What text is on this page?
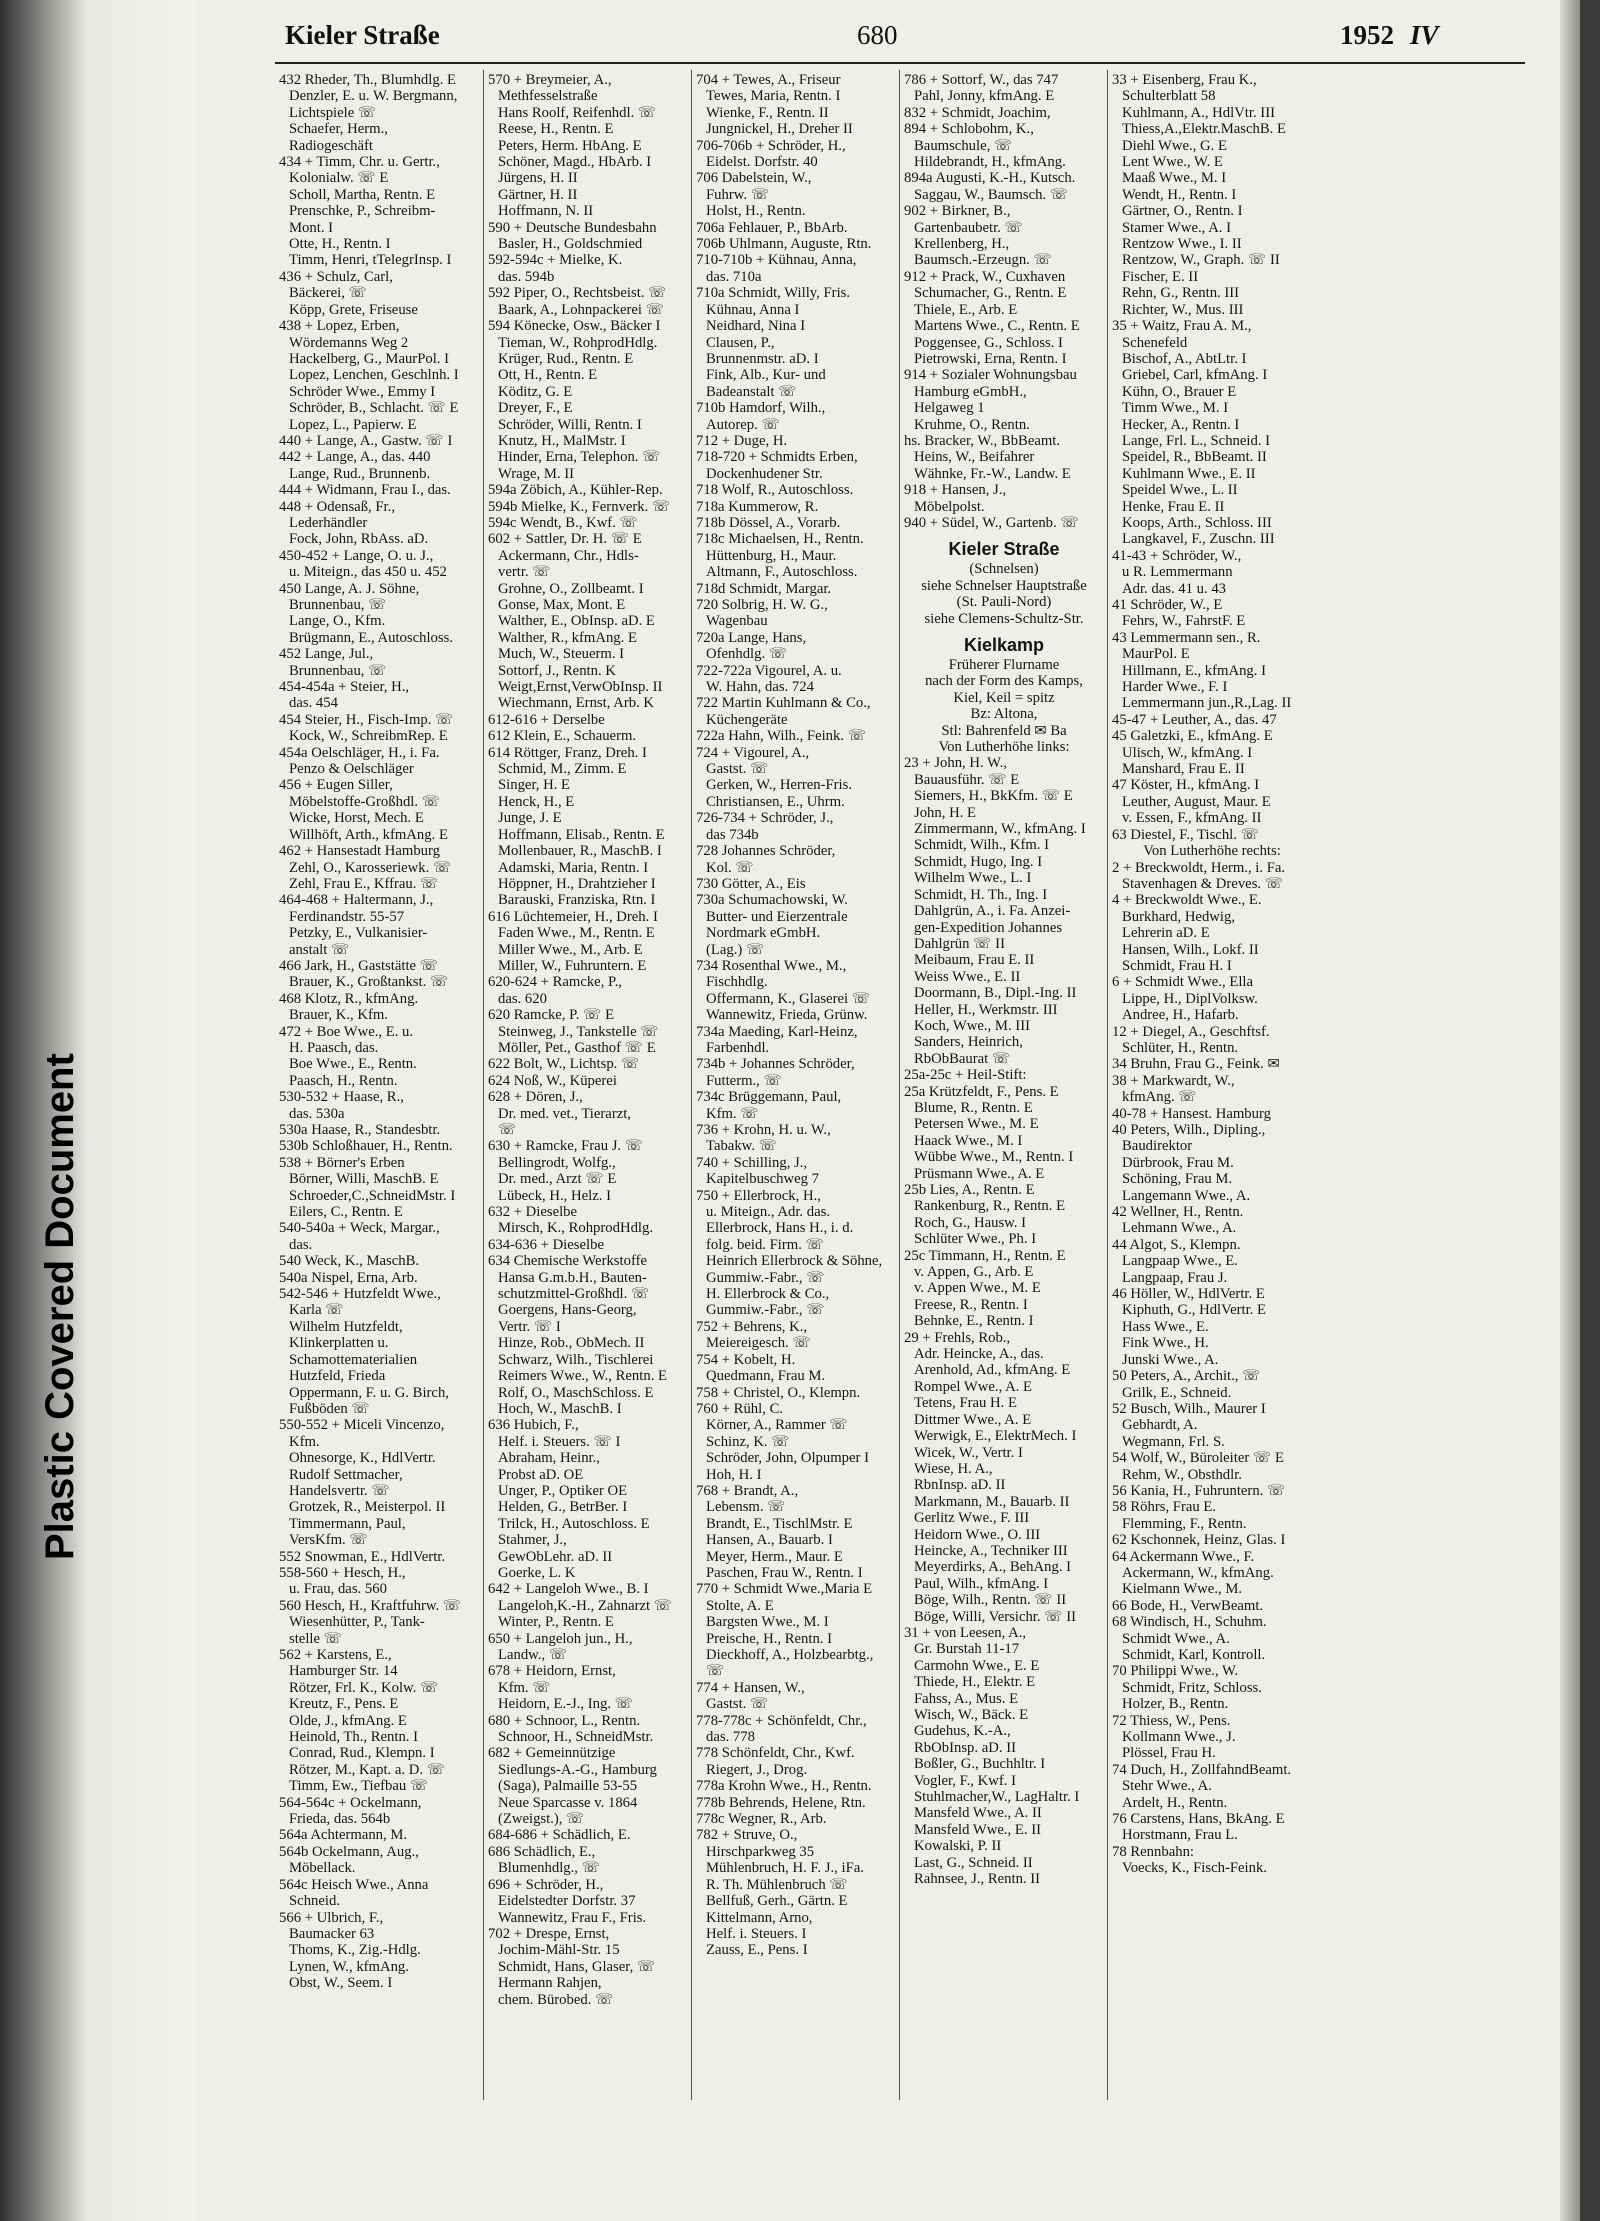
Plastic Covered Document
Kieler Straße	680	1952 IV
432 Rheder, Th., Blumhdlg. E
Denzler, E. u. W. Bergmann,
Lichtspiele ☏
Schaefer, Herm.,
Radiogeschäft
434 + Timm, Chr. u. Gertr.,
Kolonialw. ☏ E
Scholl, Martha, Rentn. E
Prenschke, P., Schreibm-
Mont. I
Otte, H., Rentn. I
Timm, Henri, tTelegrInsp. I
436 + Schulz, Carl,
Bäckerei, ☏
Köpp, Grete, Friseuse
438 + Lopez, Erben,
Wördemanns Weg 2
Hackelberg, G., MaurPol. I
Lopez, Lenchen, Geschlnh. I
Schröder Wwe., Emmy I
Schröder, B., Schlacht. ☏ E
Lopez, L., Papierw. E
440 + Lange, A., Gastw. ☏ I
442 + Lange, A., das. 440
Lange, Rud., Brunnenb.
444 + Widmann, Frau I., das.
448 + Odensaß, Fr.,
Lederhändler
Fock, John, RbAss. aD.
450-452 + Lange, O. u. J.,
u. Miteign., das 450 u. 452
450 Lange, A. J. Söhne,
Brunnenbau, ☏
Lange, O., Kfm.
Brügmann, E., Autoschloss.
452 Lange, Jul.,
Brunnenbau, ☏
454-454a + Steier, H.,
das. 454
454 Steier, H., Fisch-Imp. ☏
Kock, W., SchreibmRep. E
454a Oelschläger, H., i. Fa.
Penzo & Oelschläger
456 + Eugen Siller,
Möbelstoffe-Großhdl. ☏
Wicke, Horst, Mech. E
Willhöft, Arth., kfmAng. E
462 + Hansestadt Hamburg
Zehl, O., Karosseriewk. ☏
Zehl, Frau E., Kffrau. ☏
464-468 + Haltermann, J.,
Ferdinandstr. 55-57
Petzky, E., Vulkanisier-
anstalt ☏
466 Jark, H., Gaststätte ☏
Brauer, K., Großtankst. ☏
468 Klotz, R., kfmAng.
Brauer, K., Kfm.
472 + Boe Wwe., E. u.
H. Paasch, das.
Boe Wwe., E., Rentn.
Paasch, H., Rentn.
530-532 + Haase, R.,
das. 530a
530a Haase, R., Standesbtr.
530b Schloßhauer, H., Rentn.
538 + Börner's Erben
Börner, Willi, MaschB. E
Schroeder,C.,SchneidMstr. I
Eilers, C., Rentn. E
540-540a + Weck, Margar.,
das.
540 Weck, K., MaschB.
540a Nispel, Erna, Arb.
542-546 + Hutzfeldt Wwe.,
Karla ☏
Wilhelm Hutzfeldt,
Klinkerplatten u.
Schamottematerialien
Hutzfeld, Frieda
Oppermann, F. u. G. Birch,
Fußböden ☏
550-552 + Miceli Vincenzo,
Kfm.
Ohnesorge, K., HdlVertr.
Rudolf Settmacher,
Handelsvertr. ☏
Grotzek, R., Meisterpol. II
Timmermann, Paul,
VersKfm. ☏
552 Snowman, E., HdlVertr.
558-560 + Hesch, H.,
u. Frau, das. 560
560 Hesch, H., Kraftfuhrw. ☏
Wiesenhütter, P., Tank-
stelle ☏
562 + Karstens, E.,
Hamburger Str. 14
Rötzer, Frl. K., Kolw. ☏
Kreutz, F., Pens. E
Olde, J., kfmAng. E
Heinold, Th., Rentn. I
Conrad, Rud., Klempn. I
Rötzer, M., Kapt. a. D. ☏
Timm, Ew., Tiefbau ☏
564-564c + Ockelmann,
Frieda, das. 564b
564a Achtermann, M.
564b Ockelmann, Aug.,
Möbellack.
564c Heisch Wwe., Anna
Schneid.
566 + Ulbrich, F.,
Baumacker 63
Thoms, K., Zig.-Hdlg.
Lynen, W., kfmAng.
Obst, W., Seem. I
570 + Breymeier, A.,
Methfesselstraße
Hans Roolf, Reifenhdl. ☏
Reese, H., Rentn. E
Peters, Herm. HbAng. E
Schöner, Magd., HbArb. I
Jürgens, H. II
Gärtner, H. II
Hoffmann, N. II
590 + Deutsche Bundesbahn
Basler, H., Goldschmied
592-594c + Mielke, K.
das. 594b
592 Piper, O., Rechtsbeist. ☏
Baark, A., Lohnpackerei ☏
594 Könecke, Osw., Bäcker I
Tieman, W., RohprodHdlg.
Krüger, Rud., Rentn. E
Ott, H., Rentn. E
Köditz, G. E
Dreyer, F., E
Schröder, Willi, Rentn. I
Knutz, H., MalMstr. I
Hinder, Erna, Telephon. ☏
Wrage, M. II
594a Zöbich, A., Kühler-Rep.
594b Mielke, K., Fernverk. ☏
594c Wendt, B., Kwf. ☏
602 + Sattler, Dr. H. ☏ E
Ackermann, Chr., Hdls-
vertr. ☏
Grohne, O., Zollbeamt. I
Gonse, Max, Mont. E
Walther, E., ObInsp. aD. E
Walther, R., kfmAng. E
Much, W., Steuerm. I
Sottorf, J., Rentn. K
Weigt,Ernst,VerwObInsp. II
Wiechmann, Ernst, Arb. K
612-616 + Derselbe
612 Klein, E., Schauerm.
614 Röttger, Franz, Dreh. I
Schmid, M., Zimm. E
Singer, H. E
Henck, H., E
Junge, J. E
Hoffmann, Elisab., Rentn. E
Mollenbauer, R., MaschB. I
Adamski, Maria, Rentn. I
Höppner, H., Drahtzieher I
Barauski, Franziska, Rtn. I
616 Lüchtemeier, H., Dreh. I
Faden Wwe., M., Rentn. E
Miller Wwe., M., Arb. E
Miller, W., Fuhruntern. E
620-624 + Ramcke, P.,
das. 620
620 Ramcke, P. ☏ E
Steinweg, J., Tankstelle ☏
Möller, Pet., Gasthof ☏ E
622 Bolt, W., Lichtsp. ☏
624 Noß, W., Küperei
628 + Dören, J.,
Dr. med. vet., Tierarzt,
☏
630 + Ramcke, Frau J. ☏
Bellingrodt, Wolfg.,
Dr. med., Arzt ☏ E
Lübeck, H., Helz. I
632 + Dieselbe
Mirsch, K., RohprodHdlg.
634-636 + Dieselbe
634 Chemische Werkstoffe
Hansa G.m.b.H., Bauten-
schutzmittel-Großhdl. ☏
Goergens, Hans-Georg,
Vertr. ☏ I
Hinze, Rob., ObMech. II
Schwarz, Wilh., Tischlerei
Reimers Wwe., W., Rentn. E
Rolf, O., MaschSchloss. E
Hoch, W., MaschB. I
636 Hubich, F.,
Helf. i. Steuers. ☏ I
Abraham, Heinr.,
Probst aD. OE
Unger, P., Optiker OE
Helden, G., BetrBer. I
Trilck, H., Autoschloss. E
Stahmer, J.,
GewObLehr. aD. II
Goerke, L. K
642 + Langeloh Wwe., B. I
Langeloh,K.-H., Zahnarzt ☏
Winter, P., Rentn. E
650 + Langeloh jun., H.,
Landw., ☏
678 + Heidorn, Ernst,
Kfm. ☏
Heidorn, E.-J., Ing. ☏
680 + Schnoor, L., Rentn.
Schnoor, H., SchneidMstr.
682 + Gemeinnützige
Siedlungs-A.-G., Hamburg
(Saga), Palmaille 53-55
Neue Sparcasse v. 1864
(Zweigst.), ☏
684-686 + Schädlich, E.
686 Schädlich, E.,
Blumenhdlg., ☏
696 + Schröder, H.,
Eidelstedter Dorfstr. 37
Wannewitz, Frau F., Fris.
702 + Drespe, Ernst,
Jochim-Mähl-Str. 15
Schmidt, Hans, Glaser, ☏
Hermann Rahjen,
chem. Bürobed. ☏
704 + Tewes, A., Friseur
Tewes, Maria, Rentn. I
Wienke, F., Rentn. II
Jungnickel, H., Dreher II
706-706b + Schröder, H.,
Eidelst. Dorfstr. 40
706 Dabelstein, W.,
Fuhrw. ☏
Holst, H., Rentn.
706a Fehlauer, P., BbArb.
706b Uhlmann, Auguste, Rtn.
710-710b + Kühnau, Anna,
das. 710a
710a Schmidt, Willy, Fris.
Kühnau, Anna I
Neidhard, Nina I
Clausen, P.,
Brunnenmstr. aD. I
Fink, Alb., Kur- und
Badeanstalt ☏
710b Hamdorf, Wilh.,
Autorep. ☏
712 + Duge, H.
718-720 + Schmidts Erben,
Dockenhudener Str.
718 Wolf, R., Autoschloss.
718a Kummerow, R.
718b Dössel, A., Vorarb.
718c Michaelsen, H., Rentn.
Hüttenburg, H., Maur.
Altmann, F., Autoschloss.
718d Schmidt, Margar.
720 Solbrig, H. W. G.,
Wagenbau
720a Lange, Hans,
Ofenhdlg. ☏
722-722a Vigourel, A. u.
W. Hahn, das. 724
722 Martin Kuhlmann & Co.,
Küchengeräte
722a Hahn, Wilh., Feink. ☏
724 + Vigourel, A.,
Gastst. ☏
Gerken, W., Herren-Fris.
Christiansen, E., Uhrm.
726-734 + Schröder, J.,
das 734b
728 Johannes Schröder,
Kol. ☏
730 Götter, A., Eis
730a Schumachowski, W.
Butter- und Eierzentrale
Nordmark eGmbH.
(Lag.) ☏
734 Rosenthal Wwe., M.,
Fischhdlg.
Offermann, K., Glaserei ☏
Wannewitz, Frieda, Grünw.
734a Maeding, Karl-Heinz,
Farbenhdl.
734b + Johannes Schröder,
Futterm., ☏
734c Brüggemann, Paul,
Kfm. ☏
736 + Krohn, H. u. W.,
Tabakw. ☏
740 + Schilling, J.,
Kapitelbuschweg 7
750 + Ellerbrock, H.,
u. Miteign., Adr. das.
Ellerbrock, Hans H., i. d.
folg. beid. Firm. ☏
Heinrich Ellerbrock & Söhne,
Gummiw.-Fabr., ☏
H. Ellerbrock & Co.,
Gummiw.-Fabr., ☏
752 + Behrens, K.,
Meiereigesch. ☏
754 + Kobelt, H.
Quedmann, Frau M.
758 + Christel, O., Klempn.
760 + Rühl, C.
Körner, A., Rammer ☏
Schinz, K. ☏
Schröder, John, Olpumper I
Hoh, H. I
768 + Brandt, A.,
Lebensm. ☏
Brandt, E., TischlMstr. E
Hansen, A., Bauarb. I
Meyer, Herm., Maur. E
Paschen, Frau W., Rentn. I
770 + Schmidt Wwe.,Maria E
Stolte, A. E
Bargsten Wwe., M. I
Preische, H., Rentn. I
Dieckhoff, A., Holzbearbtg.,
☏
774 + Hansen, W.,
Gastst. ☏
778-778c + Schönfeldt, Chr.,
das. 778
778 Schönfeldt, Chr., Kwf.
Riegert, J., Drog.
778a Krohn Wwe., H., Rentn.
778b Behrends, Helene, Rtn.
778c Wegner, R., Arb.
782 + Struve, O.,
Hirschparkweg 35
Mühlenbruch, H. F. J., iFa.
R. Th. Mühlenbruch ☏
Bellfuß, Gerh., Gärtn. E
Kittelmann, Arno,
Helf. i. Steuers. I
Zauss, E., Pens. I
786 + Sottorf, W., das 747
Pahl, Jonny, kfmAng. E
832 + Schmidt, Joachim,
894 + Schlobohm, K.,
Baumschule, ☏
Hildebrandt, H., kfmAng.
894a Augusti, K.-H., Kutsch.
Saggau, W., Baumsch. ☏
902 + Birkner, B.,
Gartenbaubetr. ☏
Krellenberg, H.,
Baumsch.-Erzeugn. ☏
912 + Prack, W., Cuxhaven
Schumacher, G., Rentn. E
Thiele, E., Arb. E
Martens Wwe., C., Rentn. E
Poggensee, G., Schloss. I
Pietrowski, Erna, Rentn. I
914 + Sozialer Wohnungsbau
Hamburg eGmbH.,
Helgaweg 1
Kruhme, O., Rentn.
hs. Bracker, W., BbBeamt.
Heins, W., Beifahrer
Wähnke, Fr.-W., Landw. E
918 + Hansen, J.,
Möbelpolst.
940 + Südel, W., Gartenb. ☏
Kieler Straße
(Schnelsen)
siehe Schnelser Hauptstraße
(St. Pauli-Nord)
siehe Clemens-Schultz-Str.
Kielkamp
Früherer Flurname
nach der Form des Kamps,
Kiel, Keil = spitz
Bz: Altona,
Stl: Bahrenfeld ✉ Ba
Von Lutherhöhe links:
23 + John, H. W.,
Bauausführ. ☏ E
Siemers, H., BkKfm. ☏ E
John, H. E
Zimmermann, W., kfmAng. I
Schmidt, Wilh., Kfm. I
Schmidt, Hugo, Ing. I
Wilhelm Wwe., L. I
Schmidt, H. Th., Ing. I
Dahlgrün, A., i. Fa. Anzei-
gen-Expedition Johannes
Dahlgrün ☏ II
Meibaum, Frau E. II
Weiss Wwe., E. II
Doormann, B., Dipl.-Ing. II
Heller, H., Werkmstr. III
Koch, Wwe., M. III
Sanders, Heinrich,
RbObBaurat ☏
25a-25c + Heil-Stift:
25a Krützfeldt, F., Pens. E
Blume, R., Rentn. E
Petersen Wwe., M. E
Haack Wwe., M. I
Wübbe Wwe., M., Rentn. I
Prüsmann Wwe., A. E
25b Lies, A., Rentn. E
Rankenburg, R., Rentn. E
Roch, G., Hausw. I
Schlüter Wwe., Ph. I
25c Timmann, H., Rentn. E
v. Appen, G., Arb. E
v. Appen Wwe., M. E
Freese, R., Rentn. I
Behnke, E., Rentn. I
29 + Frehls, Rob.,
Adr. Heincke, A., das.
Arenhold, Ad., kfmAng. E
Rompel Wwe., A. E
Tetens, Frau H. E
Dittmer Wwe., A. E
Werwigk, E., ElektrMech. I
Wicek, W., Vertr. I
Wiese, H. A.,
RbnInsp. aD. II
Markmann, M., Bauarb. II
Gerlitz Wwe., F. III
Heidorn Wwe., O. III
Heincke, A., Techniker III
Meyerdirks, A., BehAng. I
Paul, Wilh., kfmAng. I
Böge, Wilh., Rentn. ☏ II
Böge, Willi, Versichr. ☏ II
31 + von Leesen, A.,
Gr. Burstah 11-17
Carmohn Wwe., E. E
Thiede, H., Elektr. E
Fahss, A., Mus. E
Wisch, W., Bäck. E
Gudehus, K.-A.,
RbObInsp. aD. II
Boßler, G., Buchhltr. I
Vogler, F., Kwf. I
Stuhlmacher,W., LagHaltr. I
Mansfeld Wwe., A. II
Mansfeld Wwe., E. II
Kowalski, P. II
Last, G., Schneid. II
Rahnsee, J., Rentn. II
33 + Eisenberg, Frau K.,
Schulterblatt 58
Kuhlmann, A., HdlVtr. III
Thiess,A.,Elektr.MaschB. E
Diehl Wwe., G. E
Lent Wwe., W. E
Maaß Wwe., M. I
Wendt, H., Rentn. I
Gärtner, O., Rentn. I
Stamer Wwe., A. I
Rentzow Wwe., I. II
Rentzow, W., Graph. ☏ II
Fischer, E. II
Rehn, G., Rentn. III
Richter, W., Mus. III
35 + Waitz, Frau A. M.,
Schenefeld
Bischof, A., AbtLtr. I
Griebel, Carl, kfmAng. I
Kühn, O., Brauer E
Timm Wwe., M. I
Hecker, A., Rentn. I
Lange, Frl. L., Schneid. I
Speidel, R., BbBeamt. II
Kuhlmann Wwe., E. II
Speidel Wwe., L. II
Henke, Frau E. II
Koops, Arth., Schloss. III
Langkavel, F., Zuschn. III
41-43 + Schröder, W.,
u R. Lemmermann
Adr. das. 41 u. 43
41 Schröder, W., E
Fehrs, W., FahrstF. E
43 Lemmermann sen., R.
MaurPol. E
Hillmann, E., kfmAng. I
Harder Wwe., F. I
Lemmermann jun.,R.,Lag. II
45-47 + Leuther, A., das. 47
45 Galetzki, E., kfmAng. E
Ulisch, W., kfmAng. I
Manshard, Frau E. II
47 Köster, H., kfmAng. I
Leuther, August, Maur. E
v. Essen, F., kfmAng. II
63 Diestel, F., Tischl. ☏
Von Lutherhöhe rechts:
2 + Breckwoldt, Herm., i. Fa.
Stavenhagen & Dreves. ☏
4 + Breckwoldt Wwe., E.
Burkhard, Hedwig,
Lehrerin aD. E
Hansen, Wilh., Lokf. II
Schmidt, Frau H. I
6 + Schmidt Wwe., Ella
Lippe, H., DiplVolksw.
Andree, H., Hafarb.
12 + Diegel, A., Geschftsf.
Schlüter, H., Rentn.
34 Bruhn, Frau G., Feink. ✉
38 + Markwardt, W.,
kfmAng. ☏
40-78 + Hansest. Hamburg
40 Peters, Wilh., Dipling.,
Baudirektor
Dürbrook, Frau M.
Schöning, Frau M.
Langemann Wwe., A.
42 Wellner, H., Rentn.
Lehmann Wwe., A.
44 Algot, S., Klempn.
Langpaap Wwe., E.
Langpaap, Frau J.
46 Höller, W., HdlVertr. E
Kiphuth, G., HdlVertr. E
Hass Wwe., E.
Fink Wwe., H.
Junski Wwe., A.
50 Peters, A., Archit., ☏
Grilk, E., Schneid.
52 Busch, Wilh., Maurer I
Gebhardt, A.
Wegmann, Frl. S.
54 Wolf, W., Büroleiter ☏ E
Rehm, W., Obsthdlr.
56 Kania, H., Fuhruntern. ☏
58 Röhrs, Frau E.
Flemming, F., Rentn.
62 Kschonnek, Heinz, Glas. I
64 Ackermann Wwe., F.
Ackermann, W., kfmAng.
Kielmann Wwe., M.
66 Bode, H., VerwBeamt.
68 Windisch, H., Schuhm.
Schmidt Wwe., A.
Schmidt, Karl, Kontroll.
70 Philippi Wwe., W.
Schmidt, Fritz, Schloss.
Holzer, B., Rentn.
72 Thiess, W., Pens.
Kollmann Wwe., J.
Plössel, Frau H.
74 Duch, H., ZollfahndBeamt.
Stehr Wwe., A.
Ardelt, H., Rentn.
76 Carstens, Hans, BkAng. E
Horstmann, Frau L.
78 Rennbahn:
Voecks, K., Fisch-Feink.
